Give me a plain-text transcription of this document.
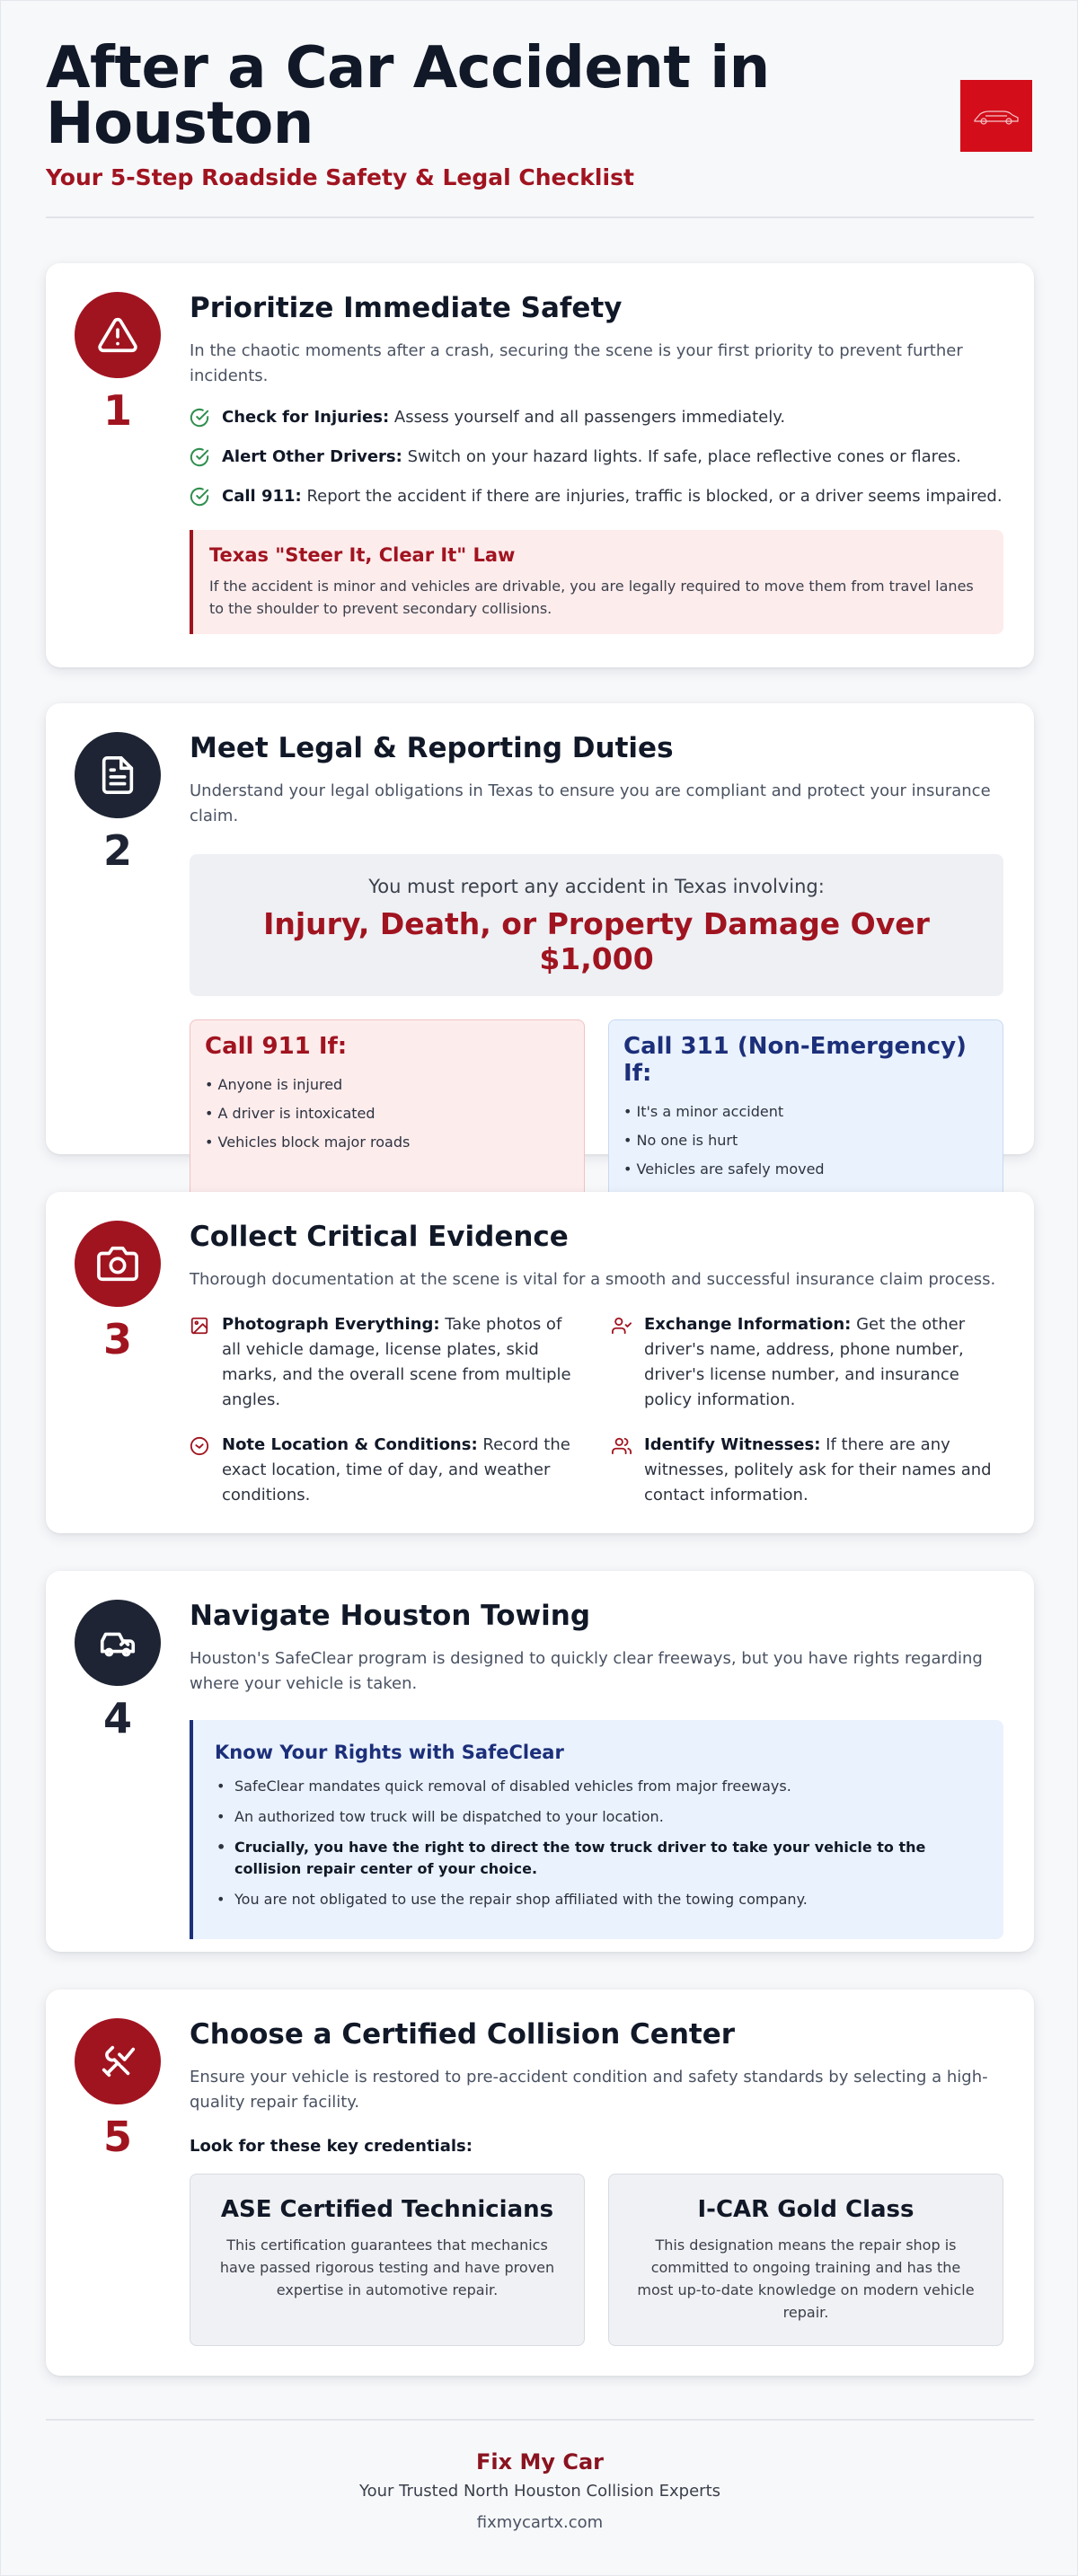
After a Car Accident in Houston
Your 5-Step Roadside Safety & Legal Checklist
1
Prioritize Immediate Safety

In the chaotic moments after a crash, securing the scene is your first priority to prevent further incidents.

Check for Injuries: Assess yourself and all passengers immediately.
Alert Other Drivers: Switch on your hazard lights. If safe, place reflective cones or flares.
Call 911: Report the accident if there are injuries, traffic is blocked, or a driver seems impaired.
Texas "Steer It, Clear It" Law
If the accident is minor and vehicles are drivable, you are legally required to move them from travel lanes to the shoulder to prevent secondary collisions.
2
Meet Legal & Reporting Duties

Understand your legal obligations in Texas to ensure you are compliant and protect your insurance claim.

You must report any accident in Texas involving:
Injury, Death, or Property Damage Over $1,000
Call 911 If:
• Anyone is injured
• A driver is intoxicated
• Vehicles block major roads
Call 311 (Non-Emergency) If:
• It's a minor accident
• No one is hurt
• Vehicles are safely moved
3
Collect Critical Evidence

Thorough documentation at the scene is vital for a smooth and successful insurance claim process.

Photograph Everything: Take photos of all vehicle damage, license plates, skid marks, and the overall scene from multiple angles.
Exchange Information: Get the other driver's name, address, phone number, driver's license number, and insurance policy information.
Note Location & Conditions: Record the exact location, time of day, and weather conditions.
Identify Witnesses: If there are any witnesses, politely ask for their names and contact information.
4
Navigate Houston Towing

Houston's SafeClear program is designed to quickly clear freeways, but you have rights regarding where your vehicle is taken.

Know Your Rights with SafeClear
• SafeClear mandates quick removal of disabled vehicles from major freeways.
• An authorized tow truck will be dispatched to your location.
• Crucially, you have the right to direct the tow truck driver to take your vehicle to the collision repair center of your choice.
• You are not obligated to use the repair shop affiliated with the towing company.
5
Choose a Certified Collision Center

Ensure your vehicle is restored to pre-accident condition and safety standards by selecting a high-quality repair facility.

Look for these key credentials:
ASE Certified Technicians
This certification guarantees that mechanics have passed rigorous testing and have proven expertise in automotive repair.
I-CAR Gold Class
This designation means the repair shop is committed to ongoing training and has the most up-to-date knowledge on modern vehicle repair.
Fix My Car
Your Trusted North Houston Collision Experts
fixmycartx.com
